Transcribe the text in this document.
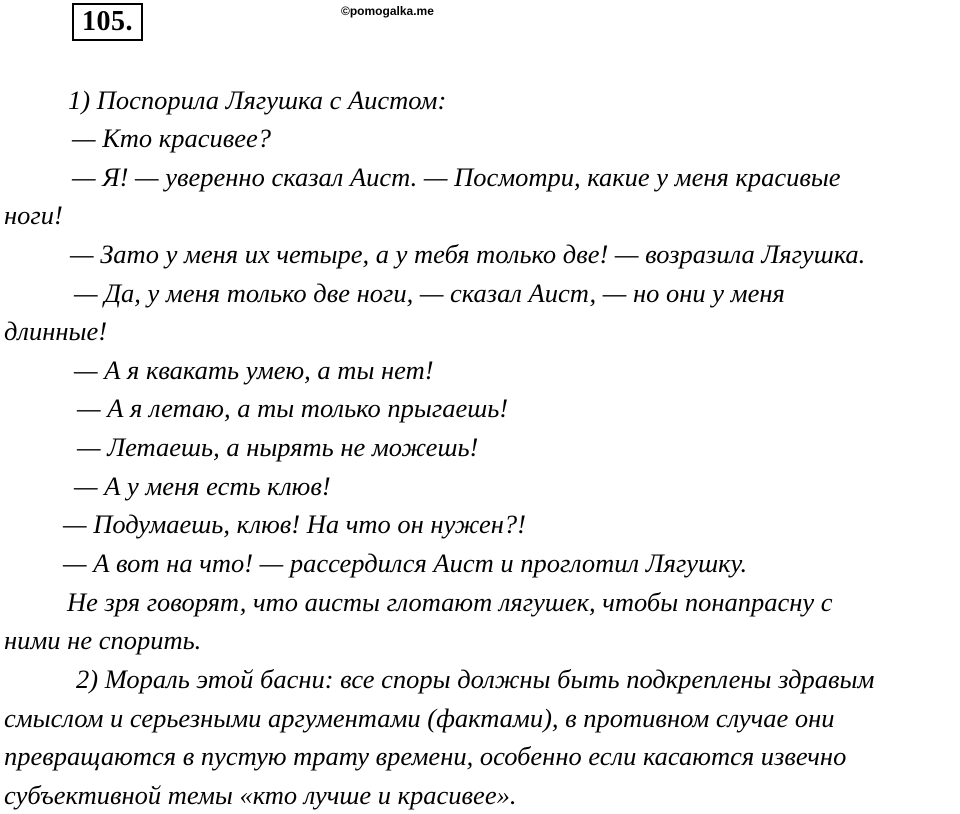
105.	©pomogalka.me
1) Поспорила Лягушка с Аистом:
— Кто красивее?
— Я! — уверенно сказал Аист. — Посмотри, какие у меня красивые
ноги!
— Зато у меня их четыре, а у тебя только две! — возразила Лягушка.
— Да, у меня только две ноги, — сказал Аист, — но они у меня
длинные!
— А я квакать умею, а ты нет!
— А я летаю, а ты только прыгаешь!
— Летаешь, а нырять не можешь!
— А у меня есть клюв!
— Подумаешь, клюв! На что он нужен?!
— А вот на что! — рассердился Аист и проглотил Лягушку.
Не зря говорят, что аисты глотают лягушек, чтобы понапрасну с
ними не спорить.
2) Мораль этой басни: все споры должны быть подкреплены здравым
смыслом и серьезными аргументами (фактами), в противном случае они
превращаются в пустую трату времени, особенно если касаются извечно
субъективной темы «кто лучше и красивее».
